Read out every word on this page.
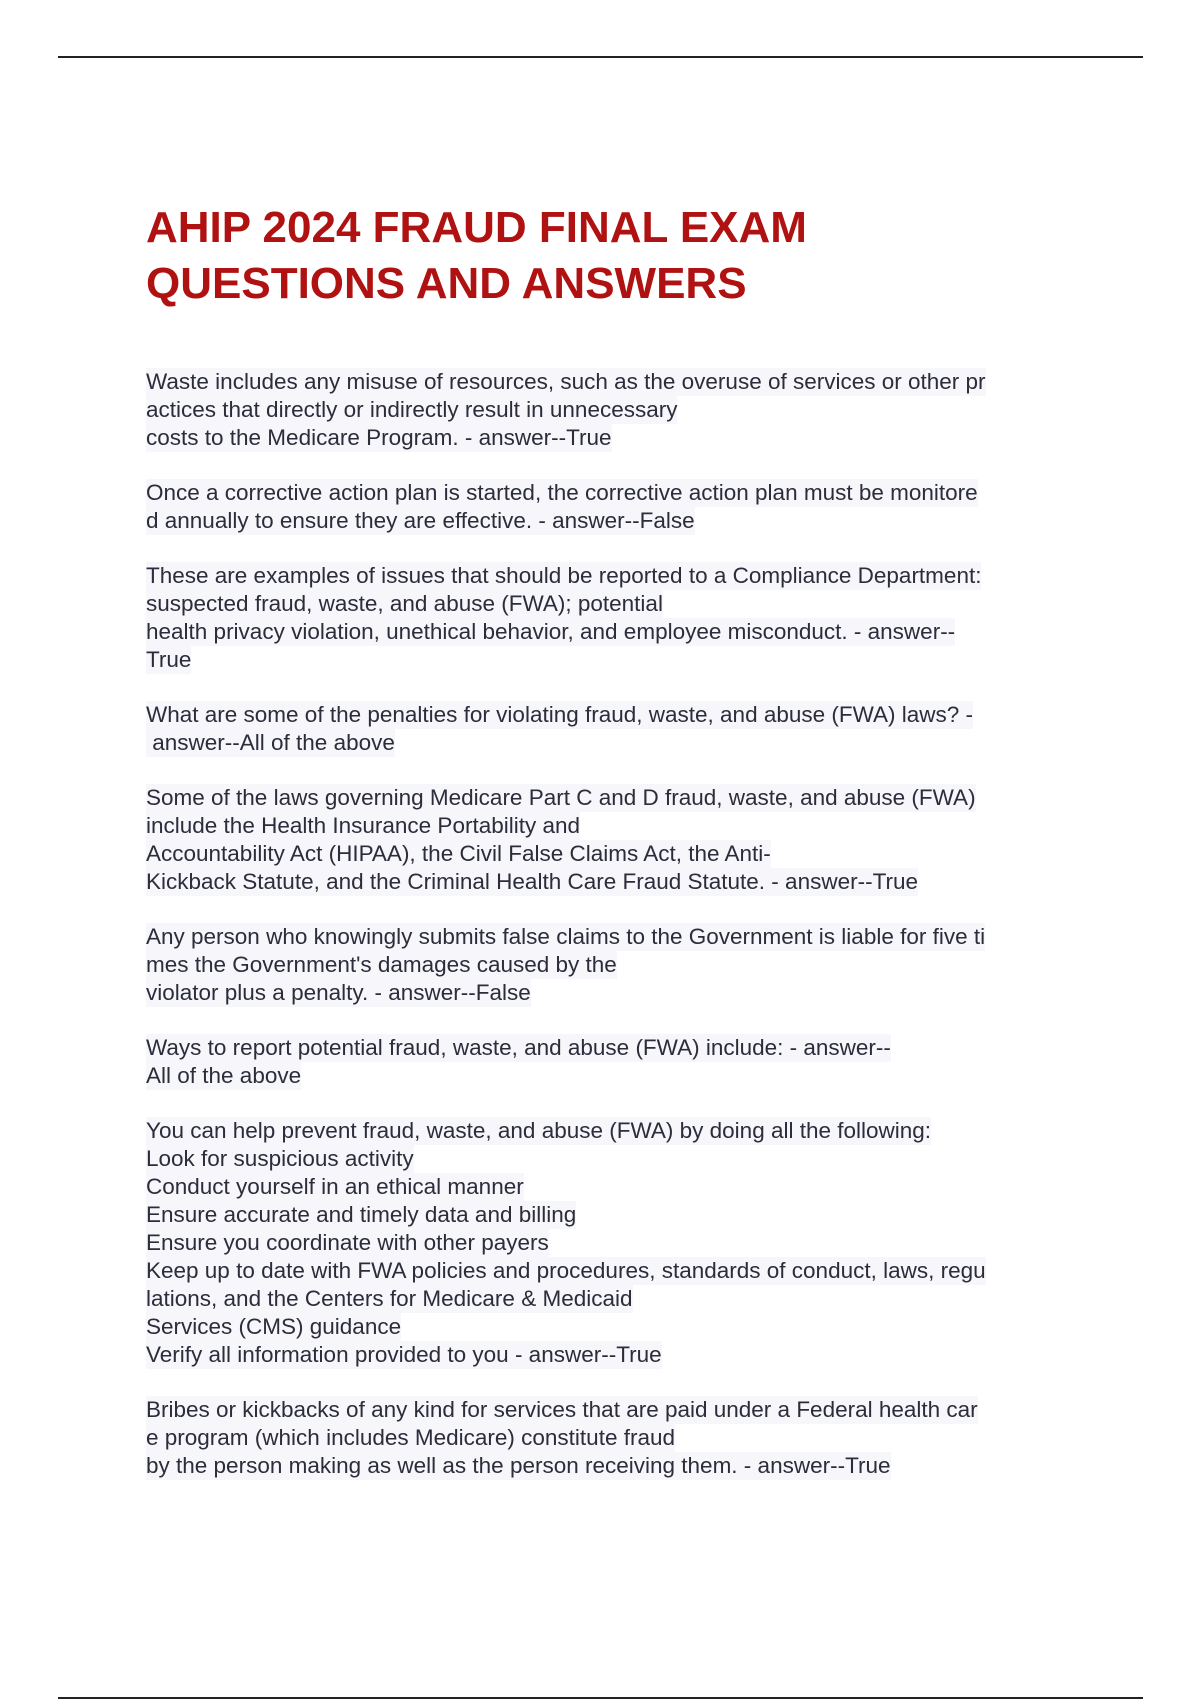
AHIP 2024 FRAUD FINAL EXAM
QUESTIONS AND ANSWERS
Waste includes any misuse of resources, such as the overuse of services or other pr
actices that directly or indirectly result in unnecessary
costs to the Medicare Program. - answer--True
Once a corrective action plan is started, the corrective action plan must be monitore
d annually to ensure they are effective. - answer--False
These are examples of issues that should be reported to a Compliance Department:
suspected fraud, waste, and abuse (FWA); potential
health privacy violation, unethical behavior, and employee misconduct. - answer--
True
What are some of the penalties for violating fraud, waste, and abuse (FWA) laws? -
answer--All of the above
Some of the laws governing Medicare Part C and D fraud, waste, and abuse (FWA)
include the Health Insurance Portability and
Accountability Act (HIPAA), the Civil False Claims Act, the Anti-
Kickback Statute, and the Criminal Health Care Fraud Statute. - answer--True
Any person who knowingly submits false claims to the Government is liable for five ti
mes the Government's damages caused by the
violator plus a penalty. - answer--False
Ways to report potential fraud, waste, and abuse (FWA) include: - answer--
All of the above
You can help prevent fraud, waste, and abuse (FWA) by doing all the following:
Look for suspicious activity
Conduct yourself in an ethical manner
Ensure accurate and timely data and billing
Ensure you coordinate with other payers
Keep up to date with FWA policies and procedures, standards of conduct, laws, regu
lations, and the Centers for Medicare & Medicaid
Services (CMS) guidance
Verify all information provided to you - answer--True
Bribes or kickbacks of any kind for services that are paid under a Federal health car
e program (which includes Medicare) constitute fraud
by the person making as well as the person receiving them. - answer--True
